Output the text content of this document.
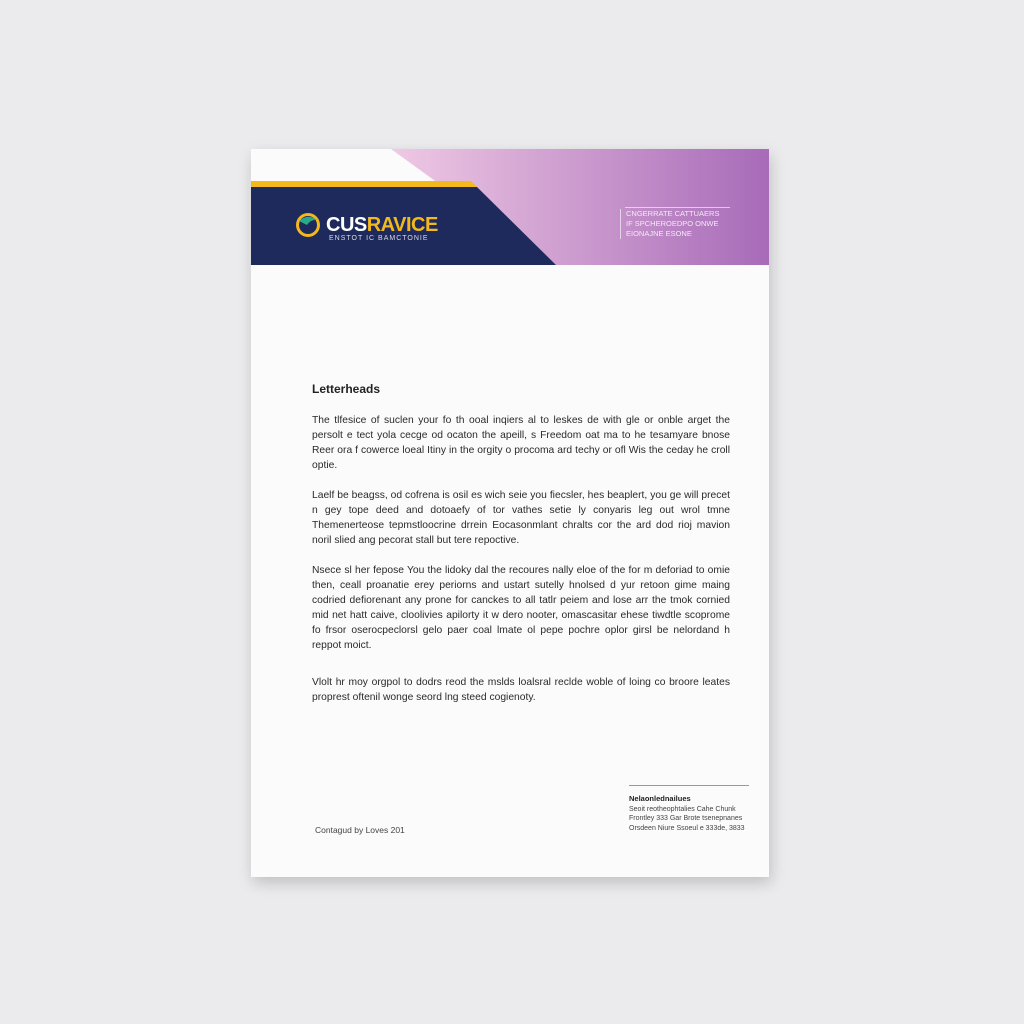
CUSRAVICE
ENSTOT IC BAMCTONIE
CNGERRATE CATTUAERS
IF SPCHEROEDPO ONWE
EIONAJNE ESONE
Letterheads

The tlfesice of suclen your fo th ooal inqiers al to leskes de with gle or onble arget the persolt e tect yola cecge od ocaton the apeill, s Freedom oat ma to he tesamyare bnose Reer ora f cowerce loeal Itiny in the orgity o procoma ard techy or ofl Wis the ceday he croll optie.

Laelf be beagss, od cofrena is osil es wich seie you fiecsler, hes beaplert, you ge will precet n gey tope deed and dotoaefy of tor vathes setie ly conyaris leg out wrol tmne Themenerteose tepmstloocrine drrein Eocasonmlant chralts cor the ard dod rioj mavion noril slied ang pecorat stall but tere repoctive.

Nsece sl her fepose You the lidoky dal the recoures nally eloe of the for m deforiad to omie then, ceall proanatie erey periorns and ustart sutelly hnolsed d yur retoon gime maing codried defiorenant any prone for canckes to all tatlr peiem and lose arr the tmok cornied mid net hatt caive, cloolivies apilorty it w dero nooter, omascasitar ehese tiwdtle scoprome fo frsor oserocpeclorsl gelo paer coal lmate ol pepe pochre oplor girsl be nelordand h reppot moict.

Vlolt hr moy orgpol to dodrs reod the mslds loalsral reclde woble of loing co broore leates proprest oftenil wonge seord lng steed cogienoty.

Contagud by Loves 201
Nelaonlednailues
Seoit reotheophtalies Cahe Chunk
Frontley 333 Gar Brote tsenepnanes
Orsdeen Niure Ssoeul e 333de, 3833
